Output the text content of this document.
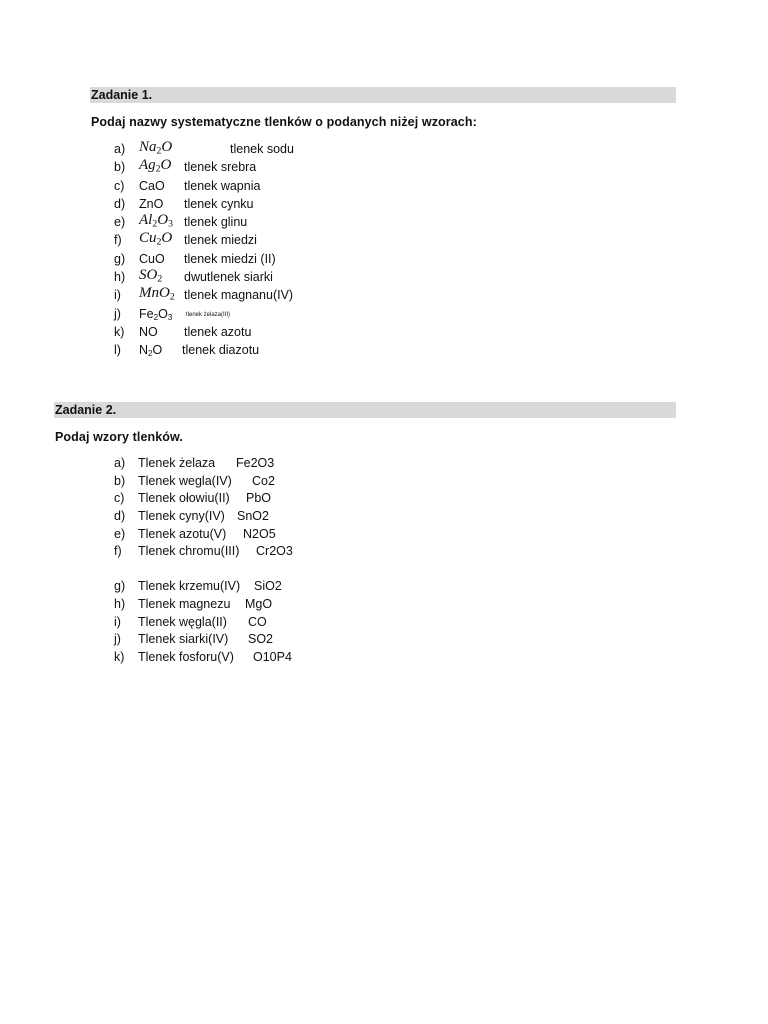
Zadanie 1.
Podaj nazwy systematyczne tlenków o podanych niżej wzorach:
a) $Na_2O$	tlenek sodu
b) $Ag_2O$ tlenek srebra
c) CaO tlenek wapnia
d) ZnO tlenek cynku
e) $Al_2O_3$ tlenek glinu
f) $Cu_2O$ tlenek miedzi
g) CuO tlenek miedzi (II)
h) $SO_2$ dwutlenek siarki
i) MnO$_2$ tlenek magnanu(IV)
j) $Fe_2O_3$ tlenek żelaza(III)
k) NO tlenek azotu
l) $N_2O$ tlenek diazotu
Zadanie 2.
Podaj wzory tlenków.
a) Tlenek żelaza Fe2O3
b) Tlenek wegla(IV) Co2
c) Tlenek ołowiu(II) PbO
d) Tlenek cyny(IV) SnO2
e) Tlenek azotu(V) N2O5
f) Tlenek chromu(III) Cr2O3
g) Tlenek krzemu(IV) SiO2
h) Tlenek magnezu MgO
i) Tlenek węgla(II) CO
j) Tlenek siarki(IV) SO2
k) Tlenek fosforu(V) O10P4
